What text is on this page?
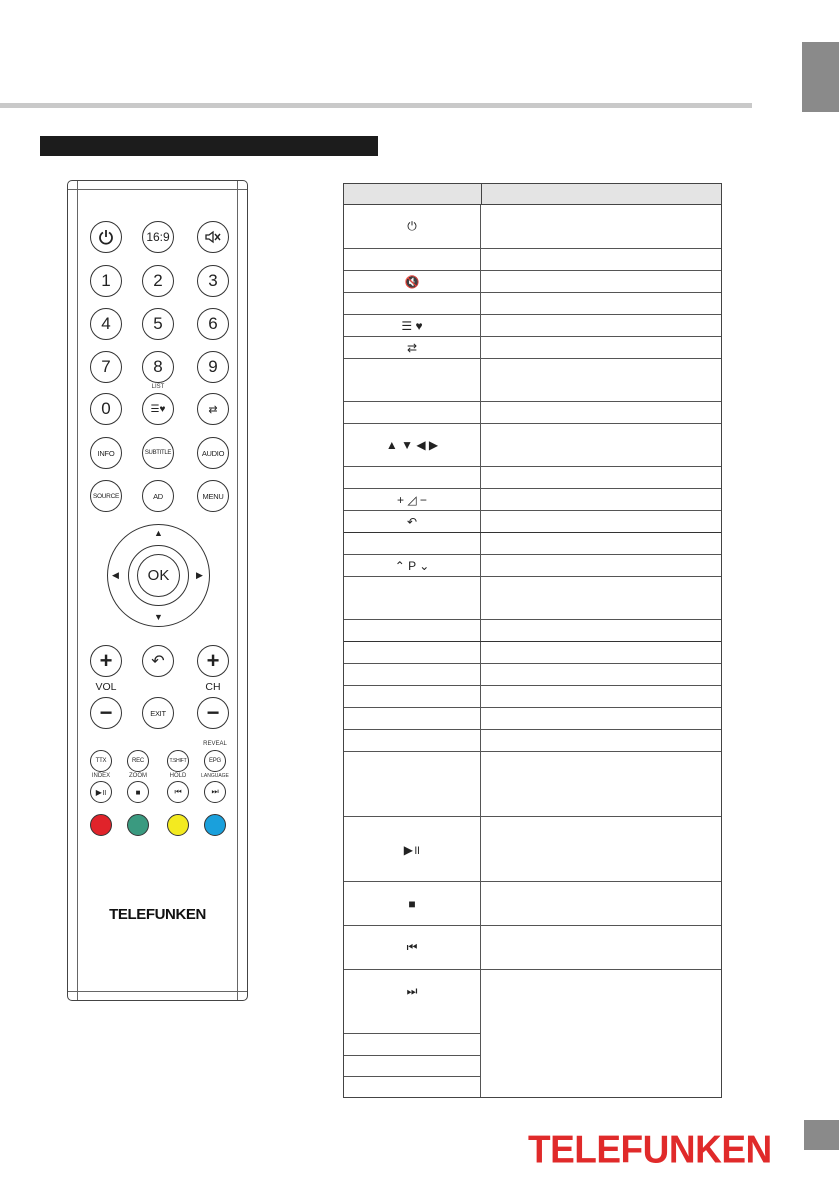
16:9
1	2	3
4	5	6
7	8	9
LIST
0	☰♥	⇄
INFO	SUBTITLE	AUDIO
SOURCE	AD	MENU
OK
▲
▼
◀	▶
+ ↶ +
VOL	CH
−	EXIT −
REVEAL
TTX	REC	T.SHIFT	EPG
INDEX	ZOOM	HOLD	LANGUAGE
▶॥	■	⏮	⏭
TELEFUNKEN
⏻
🔇
☰ ♥
⇄
▲ ▼ ◀ ▶
+ ◿ −
↶
⌃ P ⌄
▶॥
■
⏮
⏭
TELEFUNKEN
